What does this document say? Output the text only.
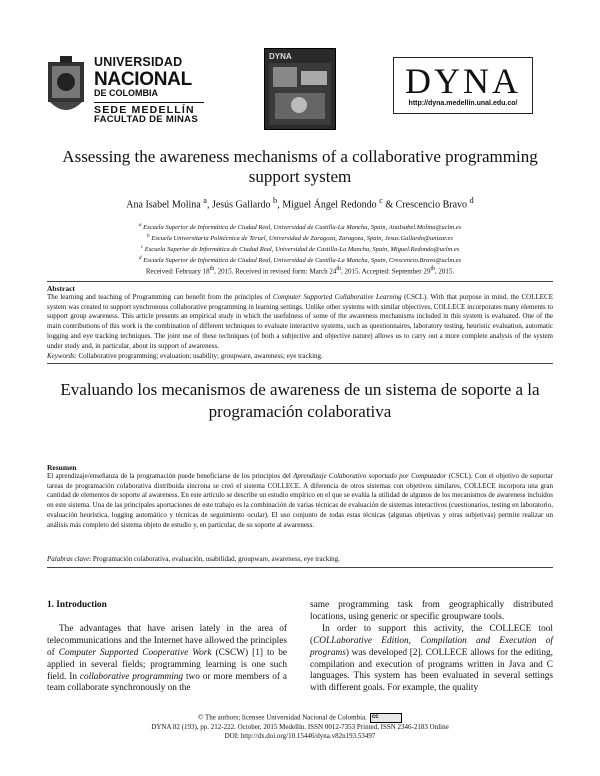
UNIVERSIDAD
NACIONAL
DE COLOMBIA
SEDE MEDELLÍN
FACULTAD DE MINAS
DYNA
DYNA
http://dyna.medellin.unal.edu.co/
Assessing the awareness mechanisms of a collaborative programming support system
Ana Isabel Molina $^a$, Jesús Gallardo $^b$, Miguel Ángel Redondo $^c$ & Crescencio Bravo $^d$
$^a$ Escuela Superior de Informática de Ciudad Real, Universidad de Castilla-La Mancha, Spain, AnaIsabel.Molina@uclm.es
$^b$ Escuela Universitaria Politécnica de Teruel, Universidad de Zaragoza, Zaragoza, Spain, Jesus.Gallardo@unizar.es
$^c$ Escuela Superior de Informática de Ciudad Real, Universidad de Castilla-La Mancha, Spain, Miguel.Redondo@uclm.es
$^d$ Escuela Superior de Informática de Ciudad Real, Universidad de Castilla-La Mancha, Spain, Crescencio.Bravo@uclm.es
Received: February 18th, 2015. Received in revised form: March 24th, 2015. Accepted: September 29th, 2015.
Abstract
The learning and teaching of Programming can benefit from the principles of Computer Supported Collaborative Learning (CSCL). With that purpose in mind, the COLLECE system was created to support synchronous collaborative programming in learning settings. Unlike other systems with similar objectives, COLLECE incorporates many elements to support group awareness. This article presents an empirical study in which the usefulness of some of the awareness mechanisms included in this system is evaluated. One of the main contributions of this work is the combination of different techniques to evaluate interactive systems, such as questionnaires, laboratory testing, heuristic evaluation, automatic logging and eye tracking techniques. The joint use of these techniques (of both a subjective and objective nature) allows us to carry out a more complete analysis of the system under study and, in particular, about its support of awareness.
Keywords: Collaborative programming; evaluation; usability; groupware, awareness; eye tracking.
Evaluando los mecanismos de awareness de un sistema de soporte a la programación colaborativa
Resumen
El aprendizaje/enseñanza de la programación puede beneficiarse de los principios del Aprendizaje Colaborativo soportado por Computador (CSCL). Con el objetivo de soportar tareas de programación colaborativa distribuida síncrona se creó el sistema COLLECE. A diferencia de otros sistemas con objetivos similares, COLLECE incorpora una gran cantidad de elementos de soporte al awareness. En este artículo se describe un estudio empírico en el que se evalúa la utilidad de algunos de los mecanismos de awareness incluidos en este sistema. Una de las principales aportaciones de este trabajo es la combinación de varias técnicas de evaluación de sistemas interactivos (cuestionarios, testing en laboratorio, evaluación heurística, logging automático y técnicas de seguimiento ocular). El uso conjunto de todas estas técnicas (algunas objetivas y otras subjetivas) permite realizar un análisis más completo del sistema objeto de estudio y, en particular, de su soporte al awareness.
Palabras clave: Programación colaborativa, evaluación, usabilidad, groupware, awareness, eye tracking.
1. Introduction

The advantages that have arisen lately in the area of telecommunications and the Internet have allowed the principles of Computer Supported Cooperative Work (CSCW) [1] to be applied in several fields; programming learning is one such field. In collaborative programming two or more members of a team collaborate synchronously on the

same programming task from geographically distributed locations, using generic or specific groupware tools.

In order to support this activity, the COLLECE tool (COLLaborative Edition, Compilation and Execution of programs) was developed [2]. COLLECE allows for the editing, compilation and execution of programs written in Java and C languages. This system has been evaluated in several settings with different goals. For example, the quality

© The authors; licensee Universidad Nacional de Colombia. cc
DYNA 82 (193), pp. 212-222. October, 2015 Medellín. ISSN 0012-7353 Printed, ISSN 2346-2183 Online
DOI: http://dx.doi.org/10.15446/dyna.v82n193.53497
